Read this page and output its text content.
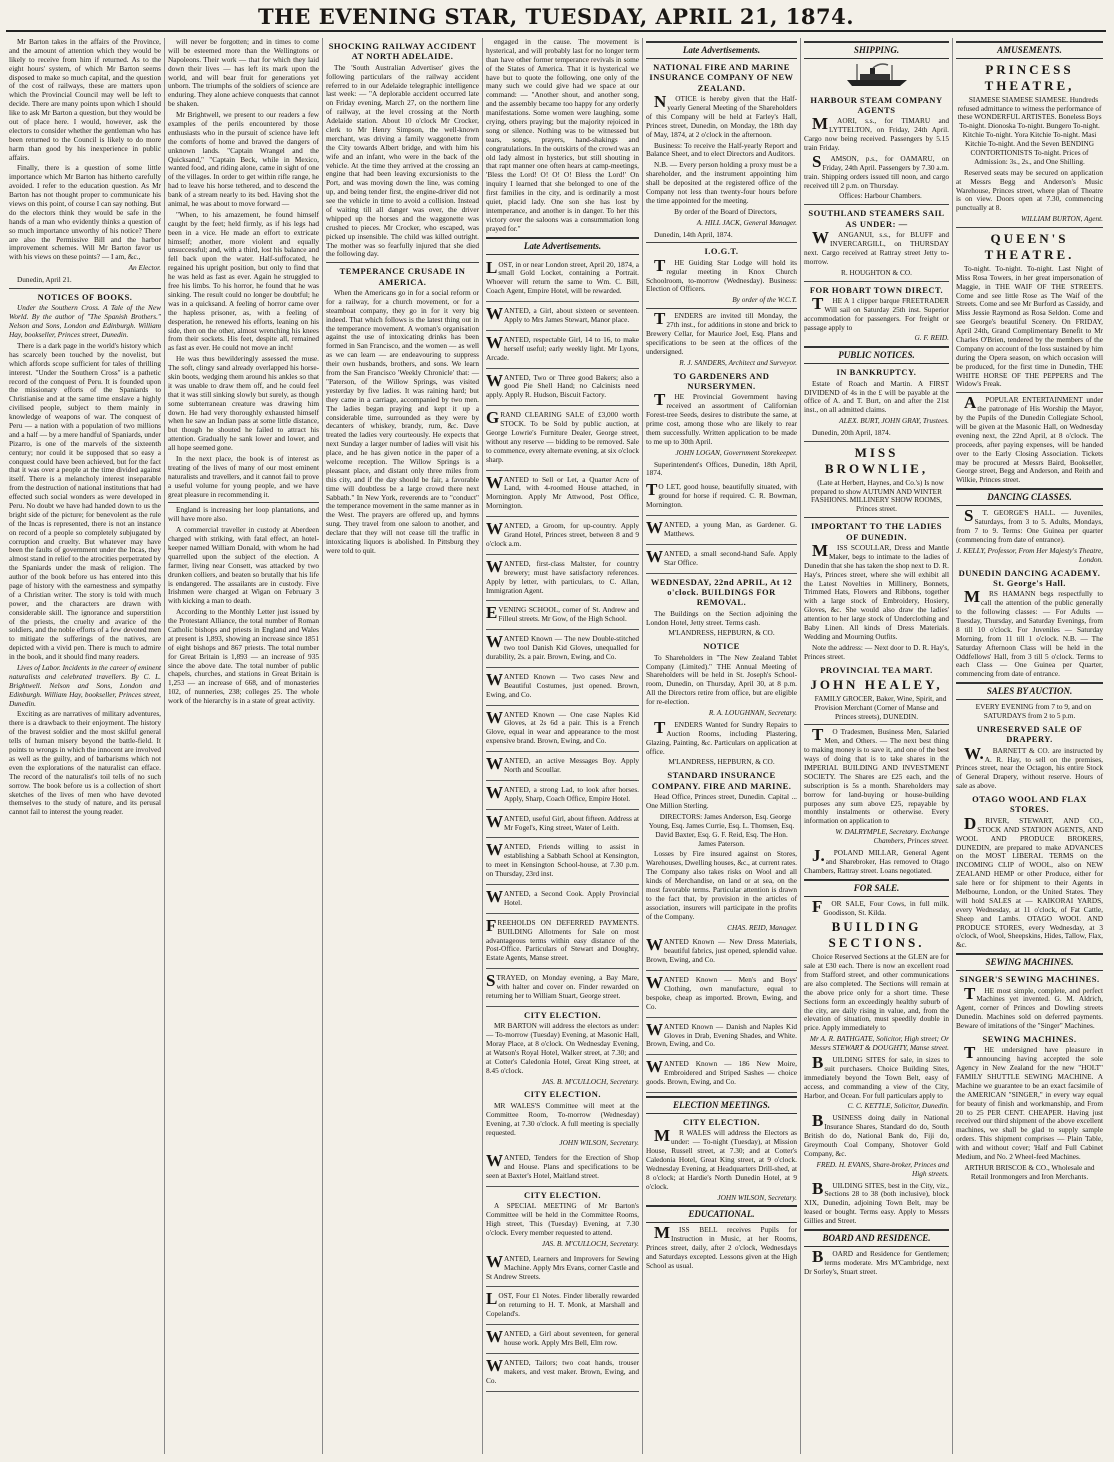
THE EVENING STAR, TUESDAY, APRIL 21, 1874.

Mr Barton takes in the affairs of the Province, and the amount of attention which they would be likely to receive from him if returned. As to the eight hours' system, of which Mr Barton seems disposed to make so much capital, and the question of the cost of railways, these are matters upon which the Provincial Council may well be left to decide. There are many points upon which I should like to ask Mr Barton a question, but they would be out of place here. I would, however, ask the electors to consider whether the gentleman who has been returned to the Council is likely to do more harm than good by his inexperience in public affairs.

Finally, there is a question of some little importance which Mr Barton has hitherto carefully avoided. I refer to the education question. As Mr Barton has not thought proper to communicate his views on this point, of course I can say nothing. But do the electors think they would be safe in the hands of a man who evidently thinks a question of so much importance unworthy of his notice? There are also the Permissive Bill and the harbor improvement schemes. Will Mr Barton favor us with his views on these points? — I am, &c.,

An Elector.

Dunedin, April 21.

NOTICES OF BOOKS.

Under the Southern Cross. A Tale of the New World. By the author of "The Spanish Brothers." Nelson and Sons, London and Edinburgh. William Hay, bookseller, Princes street, Dunedin.

There is a dark page in the world's history which has scarcely been touched by the novelist, but which affords scope sufficient for tales of thrilling interest. "Under the Southern Cross" is a pathetic record of the conquest of Peru. It is founded upon the missionary efforts of the Spaniards to Christianise and at the same time enslave a highly civilised people, subject to them mainly in knowledge of weapons of war. The conquest of Peru — a nation with a population of two millions and a half — by a mere handful of Spaniards, under Pizarro, is one of the marvels of the sixteenth century; nor could it be supposed that so easy a conquest could have been achieved, but for the fact that it was over a people at the time divided against itself. There is a melancholy interest inseparable from the destruction of national institutions that had effected such social wonders as were developed in Peru. No doubt we have had handed down to us the bright side of the picture; for benevolent as the rule of the Incas is represented, there is not an instance on record of a people so completely subjugated by corruption and cruelty. But whatever may have been the faults of government under the Incas, they almost stand in relief to the atrocities perpetrated by the Spaniards under the mask of religion. The author of the book before us has entered into this page of history with the earnestness and sympathy of a Christian writer. The story is told with much power, and the characters are drawn with considerable skill. The ignorance and superstition of the priests, the cruelty and avarice of the soldiers, and the noble efforts of a few devoted men to mitigate the sufferings of the natives, are depicted with a vivid pen. There is much to admire in the book, and it should find many readers.

Lives of Labor. Incidents in the career of eminent naturalists and celebrated travellers. By C. L. Brightwell. Nelson and Sons, London and Edinburgh. William Hay, bookseller, Princes street, Dunedin.

Exciting as are narratives of military adventures, there is a drawback to their enjoyment. The history of the bravest soldier and the most skilful general tells of human misery beyond the battle-field. It points to wrongs in which the innocent are involved as well as the guilty, and of barbarisms which not even the explorations of the naturalist can efface. The record of the naturalist's toil tells of no such sorrow. The book before us is a collection of short sketches of the lives of men who have devoted themselves to the study of nature, and its perusal cannot fail to interest the young reader.

will never be forgotten; and in times to come will be esteemed more than the Wellingtons or Napoleons. Their work — that for which they laid down their lives — has left its mark upon the world, and will bear fruit for generations yet unborn. The triumphs of the soldiers of science are enduring. They alone achieve conquests that cannot be shaken.

Mr Brightwell, we present to our readers a few examples of the perils encountered by those enthusiasts who in the pursuit of science have left the comforts of home and braved the dangers of unknown lands. "Captain Wrangel and the Quicksand," "Captain Beck, while in Mexico, wanted food, and riding alone, came in sight of one of the villages. In order to get within rifle range, he had to leave his horse tethered, and to descend the bank of a stream nearly to its bed. Having shot the animal, he was about to move forward —

"When, to his amazement, he found himself caught by the feet; held firmly, as if his legs had been in a vice. He made an effort to extricate himself; another, more violent and equally unsuccessful; and, with a third, lost his balance and fell back upon the water. Half-suffocated, he regained his upright position, but only to find that he was held as fast as ever. Again he struggled to free his limbs. To his horror, he found that he was sinking. The result could no longer be doubtful; he was in a quicksand. A feeling of horror came over the hapless prisoner, as, with a feeling of desperation, he renewed his efforts, leaning on his side, then on the other, almost wrenching his knees from their sockets. His feet, despite all, remained as fast as ever. He could not move an inch!

He was thus bewilderingly assessed the muse. The soft, clingy sand already overlapped his horse-skin boots, wedging them around his ankles so that it was unable to draw them off, and he could feel that it was still sinking slowly but surely, as though some subterranean creature was drawing him down. He had very thoroughly exhausted himself when he saw an Indian pass at some little distance, but though he shouted he failed to attract his attention. Gradually he sank lower and lower, and all hope seemed gone.

In the next place, the book is of interest as treating of the lives of many of our most eminent naturalists and travellers, and it cannot fail to prove a useful volume for young people, and we have great pleasure in recommending it.

England is increasing her loop plantations, and will have more also.

A commercial traveller in custody at Aberdeen charged with striking, with fatal effect, an hotel-keeper named William Donald, with whom he had quarrelled upon the subject of the election. A farmer, living near Consett, was attacked by two drunken colliers, and beaten so brutally that his life is endangered. The assailants are in custody. Five Irishmen were charged at Wigan on February 3 with kicking a man to death.

According to the Monthly Letter just issued by the Protestant Alliance, the total number of Roman Catholic bishops and priests in England and Wales at present is 1,893, showing an increase since 1851 of eight bishops and 867 priests. The total number for Great Britain is 1,893 — an increase of 935 since the above date. The total number of public chapels, churches, and stations in Great Britain is 1,253 — an increase of 668, and of monasteries 102, of nunneries, 238; colleges 25. The whole work of the hierarchy is in a state of great activity.

SHOCKING RAILWAY ACCIDENT AT NORTH ADELAIDE.

The 'South Australian Advertiser' gives the following particulars of the railway accident referred to in our Adelaide telegraphic intelligence last week: — "A deplorable accident occurred late on Friday evening, March 27, on the northern line of railway, at the level crossing at the North Adelaide station. About 10 o'clock Mr Crocker, clerk to Mr Henry Simpson, the well-known merchant, was driving a family waggonette from the City towards Albert bridge, and with him his wife and an infant, who were in the back of the vehicle. At the time they arrived at the crossing an engine that had been leaving excursionists to the Port, and was moving down the line, was coming up, and being tender first, the engine-driver did not see the vehicle in time to avoid a collision. Instead of waiting till all danger was over, the driver whipped up the horses and the waggonette was crushed to pieces. Mr Crocker, who escaped, was picked up insensible. The child was killed outright. The mother was so fearfully injured that she died the following day.

TEMPERANCE CRUSADE IN AMERICA.

When the Americans go in for a social reform or for a railway, for a church movement, or for a steamboat company, they go in for it very big indeed. That which follows is the latest thing out in the temperance movement. A woman's organisation against the use of intoxicating drinks has been formed in San Francisco, and the women — as well as we can learn — are endeavouring to suppress their own husbands, brothers, and sons. We learn from the San Francisco 'Weekly Chronicle' that: — "Paterson, of the Willow Springs, was visited yesterday by five ladies. It was raining hard; but they came in a carriage, accompanied by two men. The ladies began praying and kept it up a considerable time, surrounded as they were by decanters of whiskey, brandy, rum, &c. Dave treated the ladies very courteously. He expects that next Sunday a larger number of ladies will visit his place, and he has given notice in the paper of a welcome reception. The Willow Springs is a pleasant place, and distant only three miles from this city, and if the day should be fair, a favorable time will doubtless be a large crowd there next Sabbath." In New York, reverends are to "conduct" the temperance movement in the same manner as in the West. The prayers are offered up, and hymns sung. They travel from one saloon to another, and declare that they will not cease till the traffic in intoxicating liquors is abolished. In Pittsburg they were told to quit.

engaged in the cause. The movement is hysterical, and will probably last for no longer term than have other former temperance revivals in some of the States of America. That it is hysterical we have but to quote the following, one only of the many such we could give had we space at our command: — "Another shout, and another song, and the assembly became too happy for any orderly manifestations. Some women were laughing, some crying, others praying; but the majority rejoiced in song or silence. Nothing was to be witnessed but tears, songs, prayers, hand-shakings and congratulations. In the outskirts of the crowd was an old lady almost in hysterics, but still shouting in that rapt manner one often hears at camp-meetings, 'Bless the Lord! O! O! O! Bless the Lord!' On inquiry I learned that she belonged to one of the first families in the city, and is ordinarily a most quiet, placid lady. One son she has lost by intemperance, and another is in danger. To her this victory over the saloons was a consummation long prayed for."

Late Advertisements.

LOST, in or near London street, April 20, 1874, a small Gold Locket, containing a Portrait. Whoever will return the same to Wm. C. Bill, Coach Agent, Empire Hotel, will be rewarded.

WANTED, a Girl, about sixteen or seventeen. Apply to Mrs James Stewart, Manor place.

WANTED, respectable Girl, 14 to 16, to make herself useful; early weekly light. Mr Lyons, Arcade.

WANTED, Two or Three good Bakers; also a good Pie Shell Hand; no Calcinists need apply. Apply R. Hudson, Biscuit Factory.

GRAND CLEARING SALE of £3,000 worth STOCK. To be Sold by public auction, at George Lowrie's Furniture Dealer, George street, without any reserve — bidding to be removed. Sale to commence, every alternate evening, at six o'clock sharp.

WANTED to Sell or Let, a Quarter Acre of Land, with 4-roomed House attached, in Mornington. Apply Mr Attwood, Post Office, Mornington.

WANTED, a Groom, for up-country. Apply Grand Hotel, Princes street, between 8 and 9 o'clock a.m.

WANTED, first-class Maltster, for country brewery; must have satisfactory references. Apply by letter, with particulars, to C. Allan, Immigration Agent.

EVENING SCHOOL, corner of St. Andrew and Filleul streets. Mr Gow, of the High School.

WANTED Known — The new Double-stitched two tool Danish Kid Gloves, unequalled for durability, 2s. a pair. Brown, Ewing, and Co.

WANTED Known — Two cases New and Beautiful Costumes, just opened. Brown, Ewing, and Co.

WANTED Known — One case Naples Kid Gloves, at 2s 6d a pair. This is a French Glove, equal in wear and appearance to the most expensive brand. Brown, Ewing, and Co.

WANTED, an active Messages Boy. Apply North and Scoullar.

WANTED, a strong Lad, to look after horses. Apply, Sharp, Coach Office, Empire Hotel.

WANTED, useful Girl, about fifteen. Address at Mr Fogel's, King street, Water of Leith.

WANTED, Friends willing to assist in establishing a Sabbath School at Kensington, to meet in Kensington School-house, at 7.30 p.m. on Thursday, 23rd inst.

WANTED, a Second Cook. Apply Provincial Hotel.

FREEHOLDS ON DEFERRED PAYMENTS. BUILDING Allotments for Sale on most advantageous terms within easy distance of the Post-Office. Particulars of Stewart and Doughty, Estate Agents, Manse street.

STRAYED, on Monday evening, a Bay Mare, with halter and cover on. Finder rewarded on returning her to William Stuart, George street.

CITY ELECTION.

MR BARTON will address the electors as under: — To-morrow (Tuesday) Evening, at Masonic Hall, Moray Place, at 8 o'clock. On Wednesday Evening, at Watson's Royal Hotel, Walker street, at 7.30; and at Cotter's Caledonia Hotel, Great King street, at 8.45 o'clock.

JAS. B. M'CULLOCH, Secretary.
CITY ELECTION.

MR WALES'S Committee will meet at the Committee Room, To-morrow (Wednesday) Evening, at 7.30 o'clock. A full meeting is specially requested.

JOHN WILSON, Secretary.

WANTED, Tenders for the Erection of Shop and House. Plans and specifications to be seen at Baxter's Hotel, Maitland street.

CITY ELECTION.

A SPECIAL MEETING of Mr Barton's Committee will be held in the Committee Rooms, High street, This (Tuesday) Evening, at 7.30 o'clock. Every member requested to attend.

JAS. B. M'CULLOCH, Secretary.

WANTED, Learners and Improvers for Sewing Machine. Apply Mrs Evans, corner Castle and St Andrew Streets.

LOST, Four £1 Notes. Finder liberally rewarded on returning to H. T. Monk, at Marshall and Copeland's.

WANTED, a Girl about seventeen, for general house work. Apply Mrs Bell, Elm row.

WANTED, Tailors; two coat hands, trouser makers, and vest maker. Brown, Ewing, and Co.

Late Advertisements.
NATIONAL FIRE AND MARINE INSURANCE COMPANY OF NEW ZEALAND.

NOTICE is hereby given that the Half-yearly General Meeting of the Shareholders of this Company will be held at Farley's Hall, Princes street, Dunedin, on Monday, the 18th day of May, 1874, at 2 o'clock in the afternoon.

Business: To receive the Half-yearly Report and Balance Sheet, and to elect Directors and Auditors.

N.B. — Every person holding a proxy must be a shareholder, and the instrument appointing him shall be deposited at the registered office of the Company not less than twenty-four hours before the time appointed for the meeting.

By order of the Board of Directors,

A. HILL JACK, General Manager.

Dunedin, 14th April, 1874.

I.O.G.T.

THE Guiding Star Lodge will hold its regular meeting in Knox Church Schoolroom, to-morrow (Wednesday). Business: Election of Officers.

By order of the W.C.T.

TENDERS are invited till Monday, the 27th inst., for additions in stone and brick to Brewery Cellar, for Maurice Joel, Esq. Plans and specifications to be seen at the offices of the undersigned.

R. J. SANDERS, Architect and Surveyor.
TO GARDENERS AND NURSERYMEN.

THE Provincial Government having received an assortment of Californian Forest-tree Seeds, desires to distribute the same, at prime cost, among those who are likely to rear them successfully. Written application to be made to me up to 30th April.

JOHN LOGAN, Government Storekeeper.

Superintendent's Offices, Dunedin, 18th April, 1874.

TO LET, good house, beautifully situated, with ground for horse if required. C. R. Bowman, Mornington.

WANTED, a young Man, as Gardener. G. Matthews.

WANTED, a small second-hand Safe. Apply Star Office.

WEDNESDAY, 22nd APRIL, At 12 o'clock. BUILDINGS FOR REMOVAL.

The Buildings on the Section adjoining the London Hotel, Jetty street. Terms cash.

M'LANDRESS, HEPBURN, & CO.
NOTICE

To Shareholders in "The New Zealand Tablet Company (Limited)." THE Annual Meeting of Shareholders will be held in St. Joseph's School-room, Dunedin, on Thursday, April 30, at 8 p.m. All the Directors retire from office, but are eligible for re-election.

R. A. LOUGHNAN, Secretary.

TENDERS Wanted for Sundry Repairs to Auction Rooms, including Plastering, Glazing, Painting, &c. Particulars on application at office.

M'LANDRESS, HEPBURN, & CO.
STANDARD INSURANCE COMPANY. FIRE AND MARINE.

Head Office, Princes street, Dunedin. Capital ... One Million Sterling.

DIRECTORS: James Anderson, Esq. George Young, Esq. James Currie, Esq. L. Thomsen, Esq. David Baxter, Esq. G. F. Reid, Esq. The Hon. James Paterson.

Losses by Fire insured against on Stores, Warehouses, Dwelling houses, &c., at current rates. The Company also takes risks on Wool and all kinds of Merchandise, on land or at sea, on the most favorable terms. Particular attention is drawn to the fact that, by provision in the articles of association, insurers will participate in the profits of the Company.

CHAS. REID, Manager.

WANTED Known — New Dress Materials, beautiful fabrics, just opened, splendid value. Brown, Ewing, and Co.

WANTED Known — Men's and Boys' Clothing, own manufacture, equal to bespoke, cheap as imported. Brown, Ewing, and Co.

WANTED Known — Danish and Naples Kid Gloves in Drab, Evening Shades, and White. Brown, Ewing, and Co.

WANTED Known — 186 New Moire, Embroidered and Striped Sashes — choice goods. Brown, Ewing, and Co.

ELECTION MEETINGS.
CITY ELECTION.

MR WALES will address the Electors as under: — To-night (Tuesday), at Mission House, Russell street, at 7.30; and at Cotter's Caledonia Hotel, Great King street, at 9 o'clock. Wednesday Evening, at Headquarters Drill-shed, at 8 o'clock; at Hardie's North Dunedin Hotel, at 9 o'clock.

JOHN WILSON, Secretary.
EDUCATIONAL.

MISS BELL receives Pupils for Instruction in Music, at her Rooms, Princes street, daily, after 2 o'clock, Wednesdays and Saturdays excepted. Lessons given at the High School as usual.

SHIPPING.
HARBOUR STEAM COMPANY AGENTS

MAORI, s.s., for TIMARU and LYTTELTON, on Friday, 24th April. Cargo now being received. Passengers by 5.15 train Friday.

SAMSON, p.s., for OAMARU, on Friday, 24th April. Passengers by 7.30 a.m. train. Shipping orders issued till noon, and cargo received till 2 p.m. on Thursday.

Offices: Harbour Chambers.

SOUTHLAND STEAMERS SAIL AS UNDER: —

WANGANUI, s.s., for BLUFF and INVERCARGILL, on THURSDAY next. Cargo received at Rattray street Jetty to-morrow.

R. HOUGHTON & CO.
FOR HOBART TOWN DIRECT.

THE A 1 clipper barque FREETRADER Will sail on Saturday 25th inst. Superior accommodation for passengers. For freight or passage apply to

G. F. REID.
PUBLIC NOTICES.
IN BANKRUPTCY.

Estate of Roach and Martin. A FIRST DIVIDEND of 4s in the £ will be payable at the office of A. and T. Burt, on and after the 21st inst., on all admitted claims.

ALEX. BURT, JOHN GRAY, Trustees.

Dunedin, 20th April, 1874.

MISS BROWNLIE,

(Late at Herbert, Haynes, and Co.'s) Is now prepared to show AUTUMN AND WINTER FASHIONS. MILLINERY SHOW ROOMS, Princes street.

IMPORTANT TO THE LADIES OF DUNEDIN.

MISS SCOULLAR, Dress and Mantle Maker, begs to intimate to the ladies of Dunedin that she has taken the shop next to D. R. Hay's, Princes street, where she will exhibit all the Latest Novelties in Millinery, Bonnets, Trimmed Hats, Flowers and Ribbons, together with a large stock of Embroidery, Hosiery, Gloves, &c. She would also draw the ladies' attention to her large stock of Underclothing and Baby Linen. All kinds of Dress Materials. Wedding and Mourning Outfits.

Note the address: — Next door to D. R. Hay's, Princes street.

PROVINCIAL TEA MART.
JOHN HEALEY,

FAMILY GROCER, Baker, Wine, Spirit, and Provision Merchant (Corner of Manse and Princes streets), DUNEDIN.

TO Tradesmen, Business Men, Salaried Men, and Others. — The next best thing to making money is to save it, and one of the best ways of doing that is to take shares in the IMPERIAL BUILDING AND INVESTMENT SOCIETY. The Shares are £25 each, and the subscription is 5s a month. Shareholders may borrow for land-buying or house-building purposes any sum above £25, repayable by monthly instalments or otherwise. Every information on application to

W. DALRYMPLE, Secretary. Exchange Chambers, Princes street.

J.POLAND MILLAR, General Agent and Sharebroker, Has removed to Otago Chambers, Rattray street. Loans negotiated.

FOR SALE.

FOR SALE, Four Cows, in full milk. Goodisson, St. Kilda.

BUILDING SECTIONS.

Choice Reserved Sections at the GLEN are for sale at £30 each. There is now an excellent road from Stafford street, and other communications are also completed. The Sections will remain at the above price only for a short time. These Sections form an exceedingly healthy suburb of the city, are daily rising in value, and, from the elevation of situation, must speedily double in price. Apply immediately to

Mr A. R. BATHGATE, Solicitor, High street; Or Messrs STEWART & DOUGHTY, Manse street.

BUILDING SITES for sale, in sizes to suit purchasers. Choice Building Sites, immediately beyond the Town Belt, easy of access, and commanding a view of the City, Harbor, and Ocean. For full particulars apply to

C. C. KETTLE, Solicitor, Dunedin.

BUSINESS doing daily in National Insurance Shares, Standard do do, South British do do, National Bank do, Fiji do, Greymouth Coal Company, Shotover Gold Company, &c.

FRED. H. EVANS, Share-broker, Princes and High streets.

BUILDING SITES, best in the City, viz., Sections 28 to 38 (both inclusive), block XIX, Dunedin, adjoining Town Belt, may be leased or bought. Terms easy. Apply to Messrs Gillies and Street.

BOARD AND RESIDENCE.

BOARD and Residence for Gentlemen; terms moderate. Mrs M'Cambridge, next Dr Sorley's, Stuart street.

AMUSEMENTS.
PRINCESS THEATRE,

SIAMESE SIAMESE SIAMESE. Hundreds refused admittance to witness the performance of these WONDERFUL ARTISTES. Boneless Boys To-night. Dionoska To-night. Bungero To-night. Kitchie To-night. Yora Kitchie To-night. Masi Kitchie To-night. And the Seven BENDING CONTORTIONISTS To-night. Prices of Admission: 3s., 2s., and One Shilling.

Reserved seats may be secured on application at Messrs Begg and Anderson's Music Warehouse, Princes street, where plan of Theatre is on view. Doors open at 7.30, commencing punctually at 8.

WILLIAM BURTON, Agent.
QUEEN'S THEATRE.

To-night. To-night. To-night. Last Night of Miss Rosa Towers, in her great impersonation of Maggie, in THE WAIF OF THE STREETS. Come and see little Rose as The Waif of the Streets. Come and see Mr Burford as Cassidy, and Miss Jessie Raymond as Rosa Seldon. Come and see George's beautiful Scenery. On FRIDAY, April 24th, Grand Complimentary Benefit to Mr Charles O'Brien, tendered by the members of the Company on account of the loss sustained by him during the Opera season, on which occasion will be produced, for the first time in Dunedin, THE WHITE HORSE OF THE PEPPERS and The Widow's Freak.

APOPULAR ENTERTAINMENT under the patronage of His Worship the Mayor, by the Pupils of the Dunedin Collegiate School, will be given at the Masonic Hall, on Wednesday evening next, the 22nd April, at 8 o'clock. The proceeds, after paying expenses, will be handed over to the Early Closing Association. Tickets may be procured at Messrs Baird, Bookseller, George street, Begg and Anderson, and Reith and Wilkie, Princes street.

DANCING CLASSES.

ST. GEORGE'S HALL. — Juveniles, Saturdays, from 3 to 5. Adults, Mondays, from 7 to 9. Terms: One Guinea per quarter (commencing from date of entrance).

J. KELLY, Professor, From Her Majesty's Theatre, London.
DUNEDIN DANCING ACADEMY. St. George's Hall.

MRS HAMANN begs respectfully to call the attention of the public generally to the following classes: — For Adults — Tuesday, Thursday, and Saturday Evenings, from 8 till 10 o'clock. For Juveniles — Saturday Morning, from 11 till 1 o'clock. N.B. — The Saturday Afternoon Class will be held in the Oddfellows' Hall, from 3 till 5 o'clock. Terms to each Class — One Guinea per Quarter, commencing from date of entrance.

SALES BY AUCTION.

EVERY EVENING from 7 to 9, and on SATURDAYS from 2 to 5 p.m.

UNRESERVED SALE OF DRAPERY.

W.BARNETT & CO. are instructed by A. R. Hay, to sell on the premises, Princes street, near the Octagon, his entire Stock of General Drapery, without reserve. Hours of sale as above.

OTAGO WOOL AND FLAX STORES.

DRIVER, STEWART, AND CO., STOCK AND STATION AGENTS, AND WOOL AND PRODUCE BROKERS, DUNEDIN, are prepared to make ADVANCES on the MOST LIBERAL TERMS on the INCOMING CLIP of WOOL, also on NEW ZEALAND HEMP or other Produce, either for sale here or for shipment to their Agents in Melbourne, London, or the United States. They will hold SALES at — KAIKORAI YARDS, every Wednesday, at 11 o'clock, of Fat Cattle, Sheep and Lambs. OTAGO WOOL AND PRODUCE STORES, every Wednesday, at 3 o'clock, of Wool, Sheepskins, Hides, Tallow, Flax, &c.

SEWING MACHINES.
SINGER'S SEWING MACHINES.

THE most simple, complete, and perfect Machines yet invented. G. M. Aldrich, Agent, corner of Princes and Dowling streets Dunedin. Machines sold on deferred payments. Beware of imitations of the "Singer" Machines.

SEWING MACHINES.

THE undersigned have pleasure in announcing having accepted the sole Agency in New Zealand for the new "HOLT" FAMILY SHUTTLE SEWING MACHINE. A Machine we guarantee to be an exact facsimile of the AMERICAN "SINGER," in every way equal for beauty of finish and workmanship, and From 20 to 25 PER CENT. CHEAPER. Having just received our third shipment of the above excellent machines, we shall be glad to supply sample orders. This shipment comprises — Plain Table, with and without cover; 'Half and Full Cabinet Medium, and No. 2 Wheel-feed Machines.

ARTHUR BRISCOE & CO., Wholesale and Retail Ironmongers and Iron Merchants.
